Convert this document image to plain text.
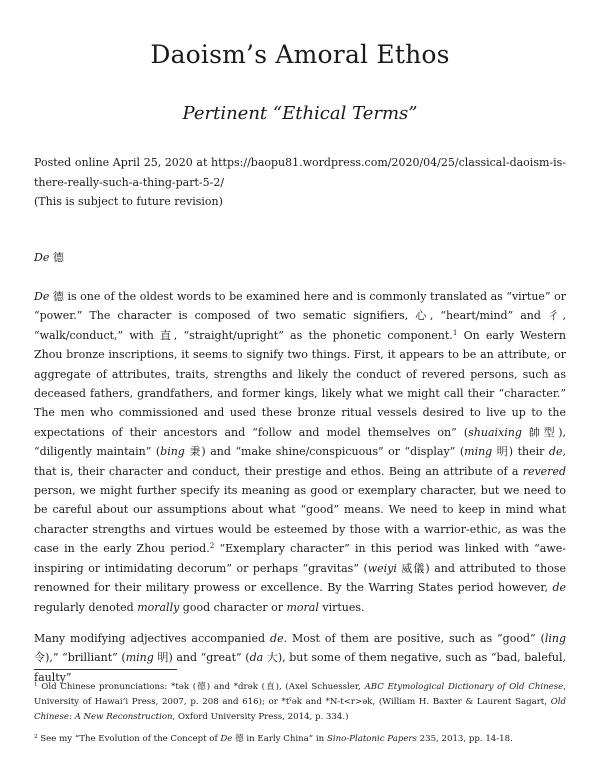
Daoism’s Amoral Ethos
Pertinent “Ethical Terms”

Posted online April 25, 2020 at https://baopu81.wordpress.com/2020/04/25/classical-daoism-is-there-really-such-a-thing-part-5-2/

(This is subject to future revision)

De 德

De 德 is one of the oldest words to be examined here and is commonly translated as “virtue” or “power.” The character is composed of two sematic signifiers, 心, “heart/mind” and 彳, “walk/conduct,” with 直, “straight/upright” as the phonetic component.$^1$ On early Western Zhou bronze inscriptions, it seems to signify two things. First, it appears to be an attribute, or aggregate of attributes, traits, strengths and likely the conduct of revered persons, such as deceased fathers, grandfathers, and former kings, likely what we might call their “character.” The men who commissioned and used these bronze ritual vessels desired to live up to the expectations of their ancestors and “follow and model themselves on” (shuaixing 帥型), “diligently maintain” (bing 秉) and “make shine/conspicuous” or “display” (ming 明) their de, that is, their character and conduct, their prestige and ethos. Being an attribute of a revered person, we might further specify its meaning as good or exemplary character, but we need to be careful about our assumptions about what “good” means. We need to keep in mind what character strengths and virtues would be esteemed by those with a warrior-ethic, as was the case in the early Zhou period.$^2$ “Exemplary character” in this period was linked with “awe-inspiring or intimidating decorum” or perhaps “gravitas” (weiyi 威儀) and attributed to those renowned for their military prowess or excellence. By the Warring States period however, de regularly denoted morally good character or moral virtues.

Many modifying adjectives accompanied de. Most of them are positive, such as “good” (ling 令),” “brilliant” (ming 明) and “great” (da 大), but some of them negative, such as “bad, baleful, faulty”

$^1$ Old Chinese pronunciations: *tək (德) and *drək (直), (Axel Schuessler, ABC Etymological Dictionary of Old Chinese, University of Hawai’i Press, 2007, p. 208 and 616); or *tˁək and *N-t<r>ək, (William H. Baxter & Laurent Sagart, Old Chinese: A New Reconstruction, Oxford University Press, 2014, p. 334.)

$^2$ See my “The Evolution of the Concept of De 德 in Early China” in Sino-Platonic Papers 235, 2013, pp. 14-18.
